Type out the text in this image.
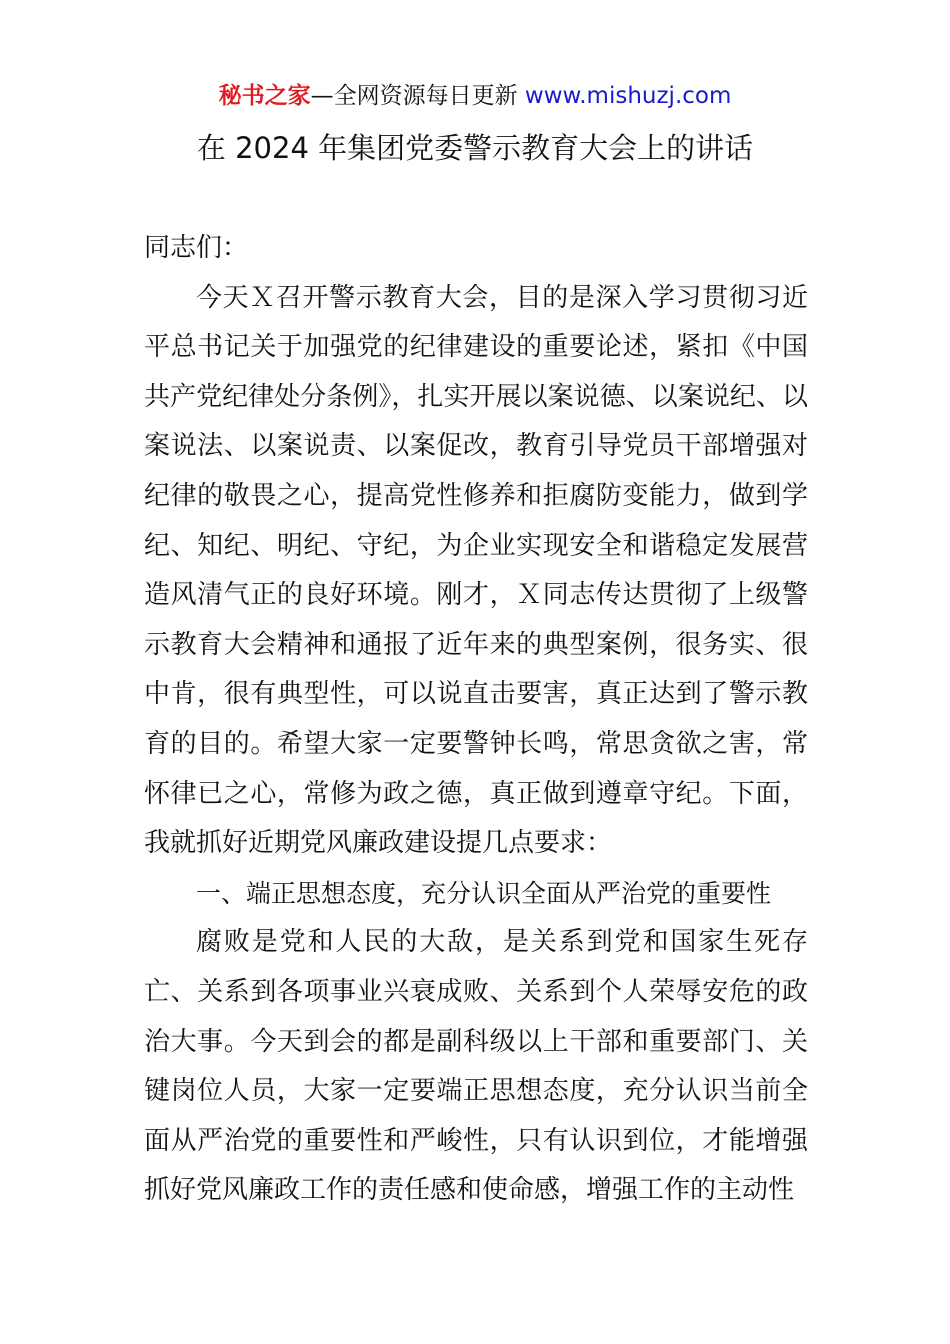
秘书之家—全网资源每日更新 www.mishuzj.com
在 2024 年集团党委警示教育大会上的讲话

同志们：

今天Ｘ召开警示教育大会，目的是深入学习贯彻习近平总书记关于加强党的纪律建设的重要论述，紧扣《中国共产党纪律处分条例》，扎实开展以案说德、以案说纪、以案说法、以案说责、以案促改，教育引导党员干部增强对纪律的敬畏之心，提高党性修养和拒腐防变能力，做到学纪、知纪、明纪、守纪，为企业实现安全和谐稳定发展营造风清气正的良好环境。刚才，Ｘ同志传达贯彻了上级警示教育大会精神和通报了近年来的典型案例，很务实、很中肯，很有典型性，可以说直击要害，真正达到了警示教育的目的。希望大家一定要警钟长鸣，常思贪欲之害，常怀律已之心，常修为政之德，真正做到遵章守纪。下面，我就抓好近期党风廉政建设提几点要求：

一、端正思想态度，充分认识全面从严治党的重要性

腐败是党和人民的大敌，是关系到党和国家生死存亡、关系到各项事业兴衰成败、关系到个人荣辱安危的政治大事。今天到会的都是副科级以上干部和重要部门、关键岗位人员，大家一定要端正思想态度，充分认识当前全面从严治党的重要性和严峻性，只有认识到位，才能增强抓好党风廉政工作的责任感和使命感，增强工作的主动性
